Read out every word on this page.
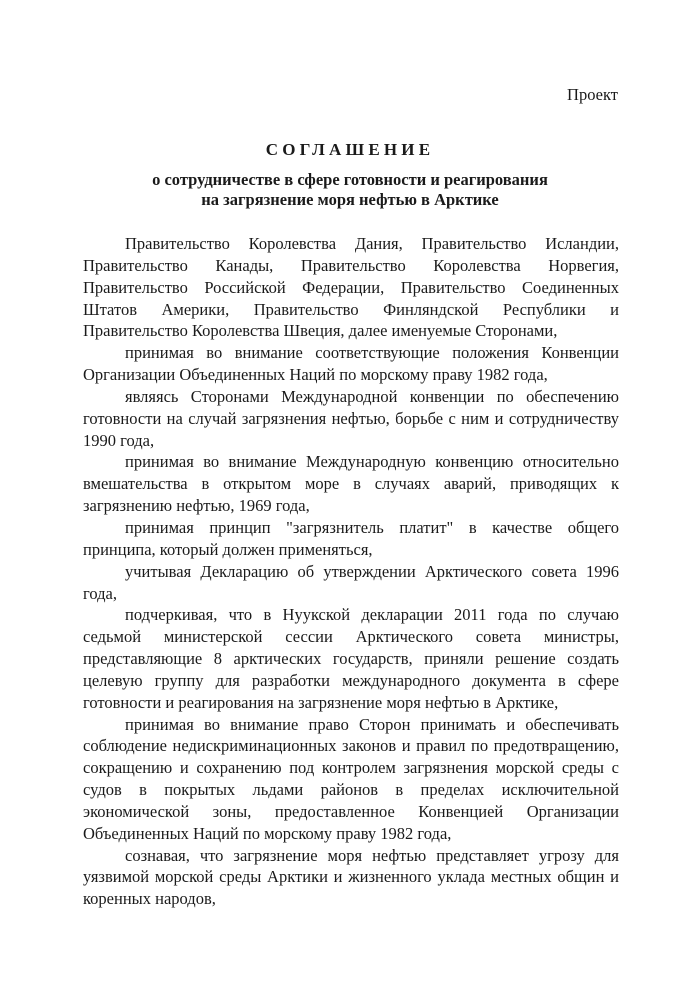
Проект
СОГЛАШЕНИЕ
о сотрудничестве в сфере готовности и реагирования
на загрязнение моря нефтью в Арктике

Правительство Королевства Дания, Правительство Исландии, Правительство Канады, Правительство Королевства Норвегия, Правительство Российской Федерации, Правительство Соединенных Штатов Америки, Правительство Финляндской Республики и Правительство Королевства Швеция, далее именуемые Сторонами,

принимая во внимание соответствующие положения Конвенции Организации Объединенных Наций по морскому праву 1982 года,

являясь Сторонами Международной конвенции по обеспечению готовности на случай загрязнения нефтью, борьбе с ним и сотрудничеству 1990 года,

принимая во внимание Международную конвенцию относительно вмешательства в открытом море в случаях аварий, приводящих к загрязнению нефтью, 1969 года,

принимая принцип "загрязнитель платит" в качестве общего принципа, который должен применяться,

учитывая Декларацию об утверждении Арктического совета 1996 года,

подчеркивая, что в Нуукской декларации 2011 года по случаю седьмой министерской сессии Арктического совета министры, представляющие 8 арктических государств, приняли решение создать целевую группу для разработки международного документа в сфере готовности и реагирования на загрязнение моря нефтью в Арктике,

принимая во внимание право Сторон принимать и обеспечивать соблюдение недискриминационных законов и правил по предотвращению, сокращению и сохранению под контролем загрязнения морской среды с судов в покрытых льдами районов в пределах исключительной экономической зоны, предоставленное Конвенцией Организации Объединенных Наций по морскому праву 1982 года,

сознавая, что загрязнение моря нефтью представляет угрозу для уязвимой морской среды Арктики и жизненного уклада местных общин и коренных народов,
